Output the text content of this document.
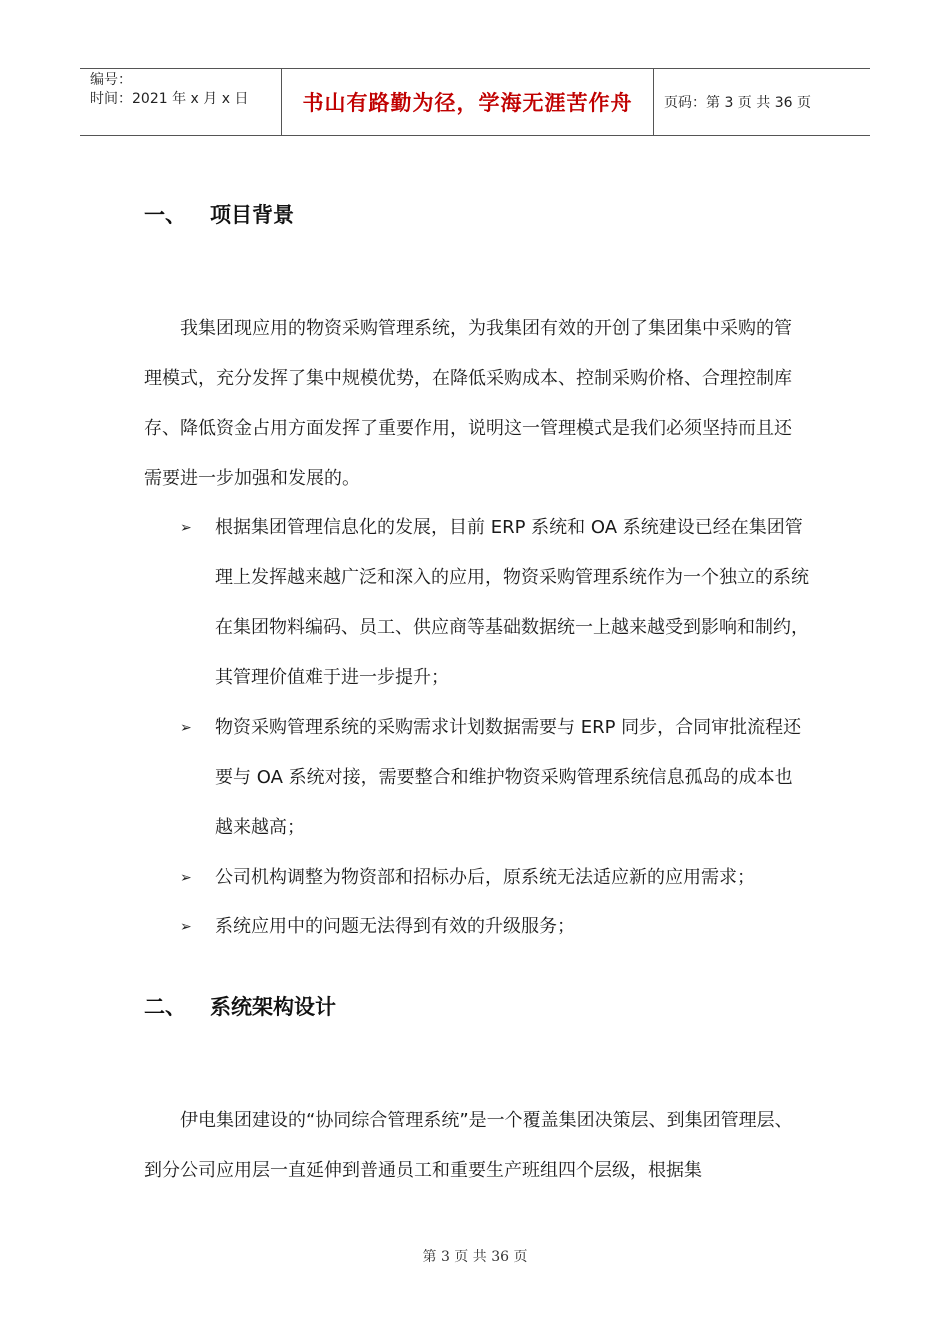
编号：
时间：2021 年 x 月 x 日	书山有路勤为径，学海无涯苦作舟	页码：第 3 页 共 36 页
一、	项目背景

我集团现应用的物资采购管理系统，为我集团有效的开创了集团集中采购的管理模式，充分发挥了集中规模优势，在降低采购成本、控制采购价格、合理控制库存、降低资金占用方面发挥了重要作用，说明这一管理模式是我们必须坚持而且还需要进一步加强和发展的。

➢	根据集团管理信息化的发展，目前 ERP 系统和 OA 系统建设已经在集团管理上发挥越来越广泛和深入的应用，物资采购管理系统作为一个独立的系统在集团物料编码、员工、供应商等基础数据统一上越来越受到影响和制约，其管理价值难于进一步提升；
➢	物资采购管理系统的采购需求计划数据需要与 ERP 同步，合同审批流程还要与 OA 系统对接，需要整合和维护物资采购管理系统信息孤岛的成本也越来越高；
➢	公司机构调整为物资部和招标办后，原系统无法适应新的应用需求；
➢	系统应用中的问题无法得到有效的升级服务；
二、	系统架构设计

伊电集团建设的“协同综合管理系统”是一个覆盖集团决策层、到集团管理层、到分公司应用层一直延伸到普通员工和重要生产班组四个层级，根据集

第 3 页 共 36 页
